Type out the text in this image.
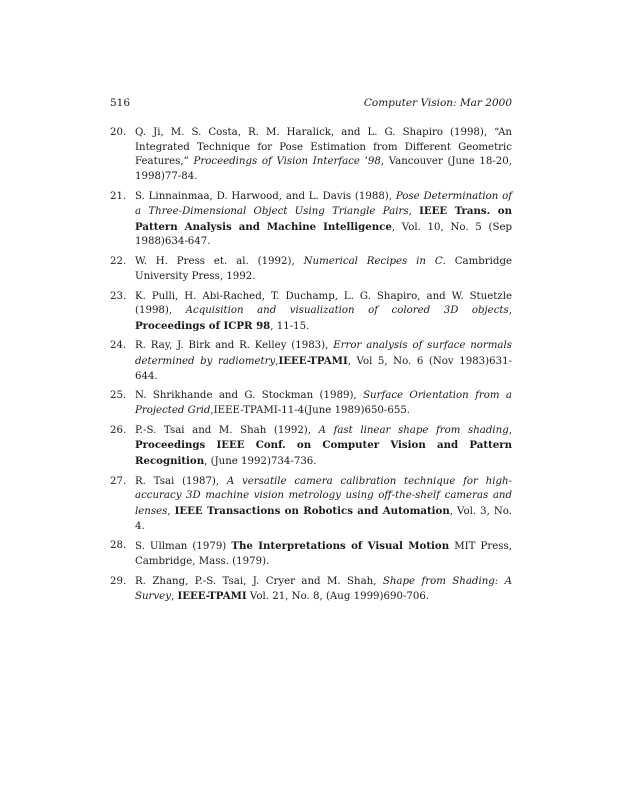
516	Computer Vision: Mar 2000
20. Q. Ji, M. S. Costa, R. M. Haralick, and L. G. Shapiro (1998), “An Integrated Technique for Pose Estimation from Different Geometric Features,” Proceedings of Vision Interface ’98, Vancouver (June 18-20, 1998)77-84.
21. S. Linnainmaa, D. Harwood, and L. Davis (1988), Pose Determination of a Three-Dimensional Object Using Triangle Pairs, IEEE Trans. on Pattern Analysis and Machine Intelligence, Vol. 10, No. 5 (Sep 1988)634-647.
22. W. H. Press et. al. (1992), Numerical Recipes in C. Cambridge University Press, 1992.
23. K. Pulli, H. Abi-Rached, T. Duchamp, L. G. Shapiro, and W. Stuetzle (1998), Acquisition and visualization of colored 3D objects, Proceedings of ICPR 98, 11-15.
24. R. Ray, J. Birk and R. Kelley (1983), Error analysis of surface normals determined by radiometry,IEEE-TPAMI, Vol 5, No. 6 (Nov 1983)631-644.
25. N. Shrikhande and G. Stockman (1989), Surface Orientation from a Projected Grid,IEEE-TPAMI-11-4(June 1989)650-655.
26. P.-S. Tsai and M. Shah (1992), A fast linear shape from shading, Proceedings IEEE Conf. on Computer Vision and Pattern Recognition, (June 1992)734-736.
27. R. Tsai (1987), A versatile camera calibration technique for high-accuracy 3D machine vision metrology using off-the-shelf cameras and lenses, IEEE Transactions on Robotics and Automation, Vol. 3, No. 4.
28. S. Ullman (1979) The Interpretations of Visual Motion MIT Press, Cambridge, Mass. (1979).
29. R. Zhang, P.-S. Tsai, J. Cryer and M. Shah, Shape from Shading: A Survey, IEEE-TPAMI Vol. 21, No. 8, (Aug 1999)690-706.
